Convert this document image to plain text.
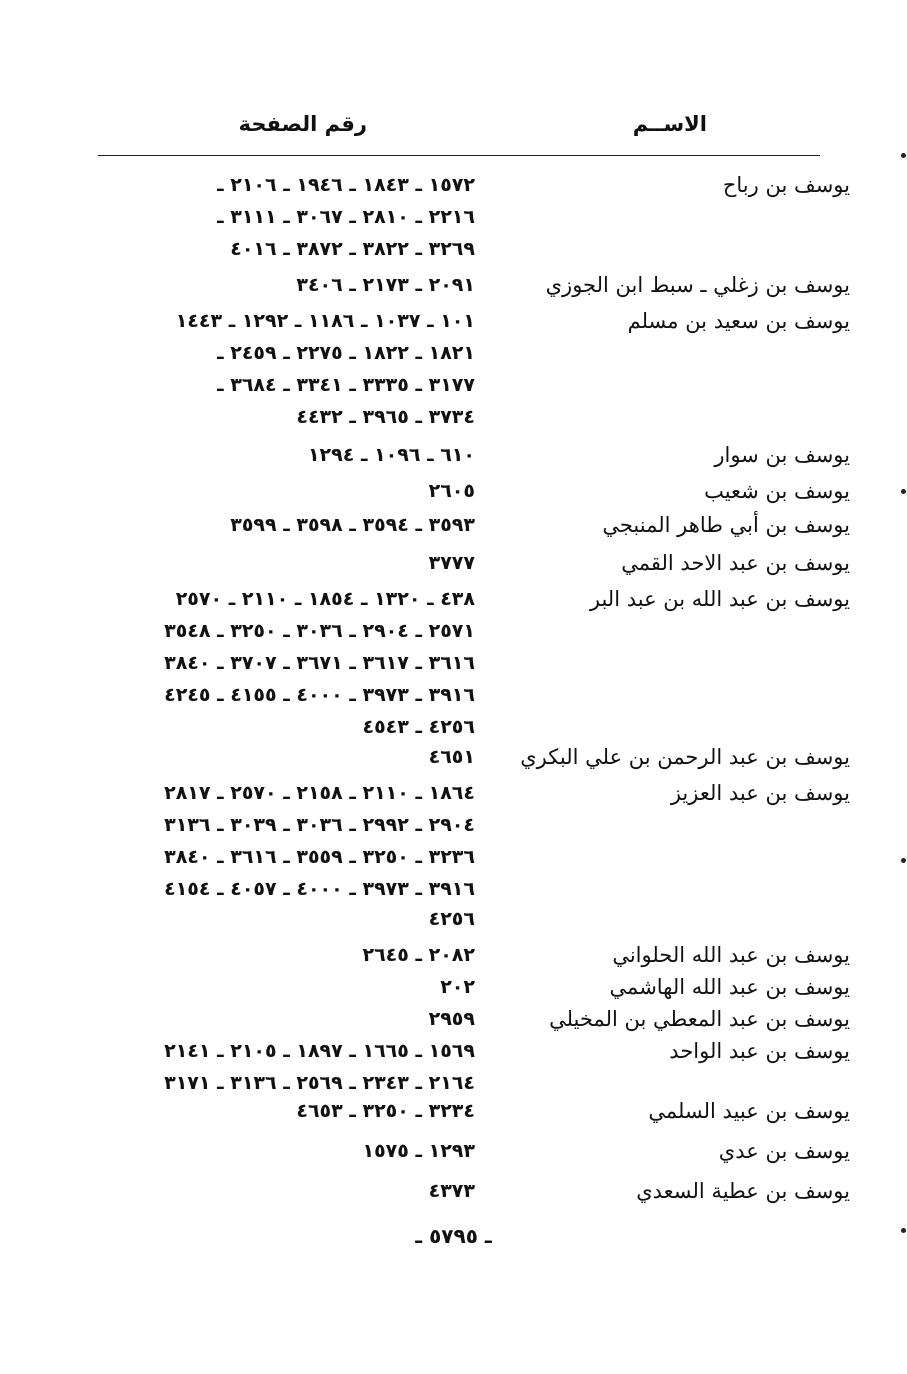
الاســم
رقم الصفحة
يوسف بن رباح
١٥٧٢ ـ ١٨٤٣ ـ ١٩٤٦ ـ ٢١٠٦ ـ
٢٢١٦ ـ ٢٨١٠ ـ ٣٠٦٧ ـ ٣١١١ ـ
٣٢٦٩ ـ ٣٨٢٢ ـ ٣٨٧٢ ـ ٤٠١٦
يوسف بن زغلي ـ سبط ابن الجوزي
٢٠٩١ ـ ٢١٧٣ ـ ٣٤٠٦
يوسف بن سعيد بن مسلم
١٠١ ـ ١٠٣٧ ـ ١١٨٦ ـ ١٢٩٢ ـ ١٤٤٣
١٨٢١ ـ ١٨٢٢ ـ ٢٢٧٥ ـ ٢٤٥٩ ـ
٣١٧٧ ـ ٣٣٣٥ ـ ٣٣٤١ ـ ٣٦٨٤ ـ
٣٧٣٤ ـ ٣٩٦٥ ـ ٤٤٣٢
يوسف بن سوار
٦١٠ ـ ١٠٩٦ ـ ١٢٩٤
يوسف بن شعيب
٢٦٠٥
يوسف بن أبي طاهر المنبجي
٣٥٩٣ ـ ٣٥٩٤ ـ ٣٥٩٨ ـ ٣٥٩٩
يوسف بن عبد الاحد القمي
٣٧٧٧
يوسف بن عبد الله بن عبد البر
٤٣٨ ـ ١٣٢٠ ـ ١٨٥٤ ـ ٢١١٠ ـ ٢٥٧٠
٢٥٧١ ـ ٢٩٠٤ ـ ٣٠٣٦ ـ ٣٢٥٠ ـ ٣٥٤٨
٣٦١٦ ـ ٣٦١٧ ـ ٣٦٧١ ـ ٣٧٠٧ ـ ٣٨٤٠
٣٩١٦ ـ ٣٩٧٣ ـ ٤٠٠٠ ـ ٤١٥٥ ـ ٤٢٤٥
٤٢٥٦ ـ ٤٥٤٣
يوسف بن عبد الرحمن بن علي البكري
٤٦٥١
يوسف بن عبد العزيز
١٨٦٤ ـ ٢١١٠ ـ ٢١٥٨ ـ ٢٥٧٠ ـ ٢٨١٧
٢٩٠٤ ـ ٢٩٩٢ ـ ٣٠٣٦ ـ ٣٠٣٩ ـ ٣١٣٦
٣٢٣٦ ـ ٣٢٥٠ ـ ٣٥٥٩ ـ ٣٦١٦ ـ ٣٨٤٠
٣٩١٦ ـ ٣٩٧٣ ـ ٤٠٠٠ ـ ٤٠٥٧ ـ ٤١٥٤
٤٢٥٦
يوسف بن عبد الله الحلواني
٢٠٨٢ ـ ٢٦٤٥
يوسف بن عبد الله الهاشمي
٢٠٢
يوسف بن عبد المعطي بن المخيلي
٢٩٥٩
يوسف بن عبد الواحد
١٥٦٩ ـ ١٦٦٥ ـ ١٨٩٧ ـ ٢١٠٥ ـ ٢١٤١
٢١٦٤ ـ ٢٣٤٣ ـ ٢٥٦٩ ـ ٣١٣٦ ـ ٣١٧١
يوسف بن عبيد السلمي
٣٢٣٤ ـ ٣٢٥٠ ـ ٤٦٥٣
يوسف بن عدي
١٢٩٣ ـ ١٥٧٥
يوسف بن عطية السعدي
٤٣٧٣
ـ ٥٧٩٥ ـ
